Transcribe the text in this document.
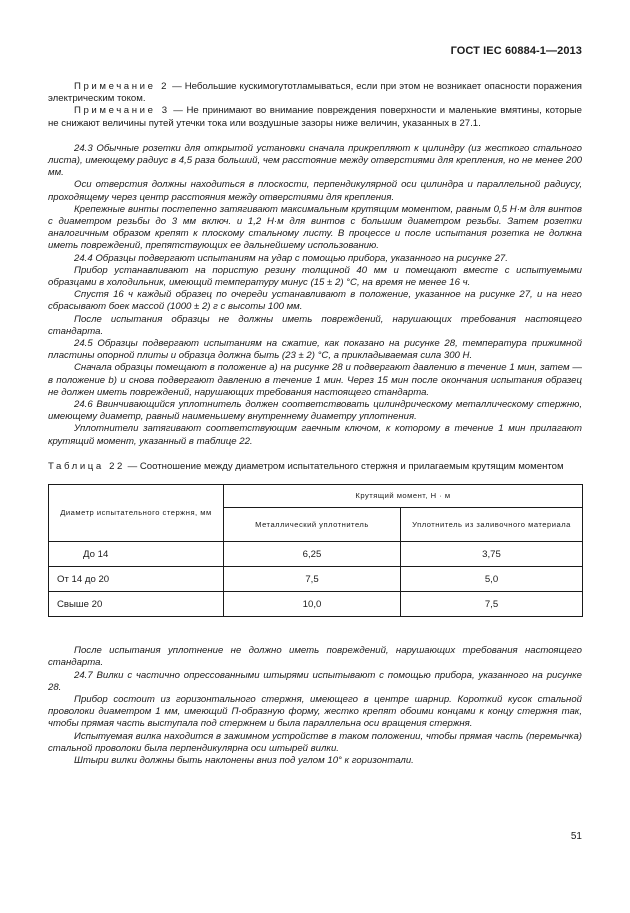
ГОСТ IEC 60884-1—2013

Примечание 2 — Небольшие кускимогутотламываться, если при этом не возникает опасности поражения электрическим током.

Примечание 3 — Не принимают во внимание повреждения поверхности и маленькие вмятины, которые не снижают величины путей утечки тока или воздушные зазоры ниже величин, указанных в 27.1.

24.3 Обычные розетки для открытой установки сначала прикрепляют к цилиндру (из жесткого стального листа), имеющему радиус в 4,5 раза больший, чем расстояние между отверстиями для крепления, но не менее 200 мм.

Оси отверстия должны находиться в плоскости, перпендикулярной оси цилиндра и параллельной радиусу, проходящему через центр расстояния между отверстиями для крепления.

Крепежные винты постепенно затягивают максимальным крутящим моментом, равным 0,5 Н·м для винтов с диаметром резьбы до 3 мм включ. и 1,2 Н·м для винтов с большим диаметром резьбы. Затем розетки аналогичным образом крепят к плоскому стальному листу. В процессе и после испытания розетка не должна иметь повреждений, препятствующих ее дальнейшему использованию.

24.4 Образцы подвергают испытаниям на удар с помощью прибора, указанного на рисунке 27.

Прибор устанавливают на пористую резину толщиной 40 мм и помещают вместе с испытуемыми образцами в холодильник, имеющий температуру минус (15 ± 2) °С, на время не менее 16 ч.

Спустя 16 ч каждый образец по очереди устанавливают в положение, указанное на рисунке 27, и на него сбрасывают боек массой (1000 ± 2) г с высоты 100 мм.

После испытания образцы не должны иметь повреждений, нарушающих требования настоящего стандарта.

24.5 Образцы подвергают испытаниям на сжатие, как показано на рисунке 28, температура прижимной пластины опорной плиты и образца должна быть (23 ± 2) °С, а прикладываемая сила 300 Н.

Сначала образцы помещают в положение а) на рисунке 28 и подвергают давлению в течение 1 мин, затем — в положение b) и снова подвергают давлению в течение 1 мин. Через 15 мин после окончания испытания образец не должен иметь повреждений, нарушающих требования настоящего стандарта.

24.6 Ввинчивающийся уплотнитель должен соответствовать цилиндрическому металлическому стержню, имеющему диаметр, равный наименьшему внутреннему диаметру уплотнения.

Уплотнители затягивают соответствующим гаечным ключом, к которому в течение 1 мин прилагают крутящий момент, указанный в таблице 22.

Таблица 22 — Соотношение между диаметром испытательного стержня и прилагаемым крутящим моментом

Диаметр испытательного стержня, мм	Крутящий момент, Н · м	
	Металлический уплотнитель	Уплотнитель из заливочного материала
До 14	6,25	3,75
От 14 до 20	7,5	5,0
Свыше 20	10,0	7,5

После испытания уплотнение не должно иметь повреждений, нарушающих требования настоящего стандарта.

24.7 Вилки с частично опрессованными штырями испытывают с помощью прибора, указанного на рисунке 28.

Прибор состоит из горизонтального стержня, имеющего в центре шарнир. Короткий кусок стальной проволоки диаметром 1 мм, имеющий П-образную форму, жестко крепят обоими концами к концу стержня так, чтобы прямая часть выступала под стержнем и была параллельна оси вращения стержня.

Испытуемая вилка находится в зажимном устройстве в таком положении, чтобы прямая часть (перемычка) стальной проволоки была перпендикулярна оси штырей вилки.

Штыри вилки должны быть наклонены вниз под углом 10° к горизонтали.

51
